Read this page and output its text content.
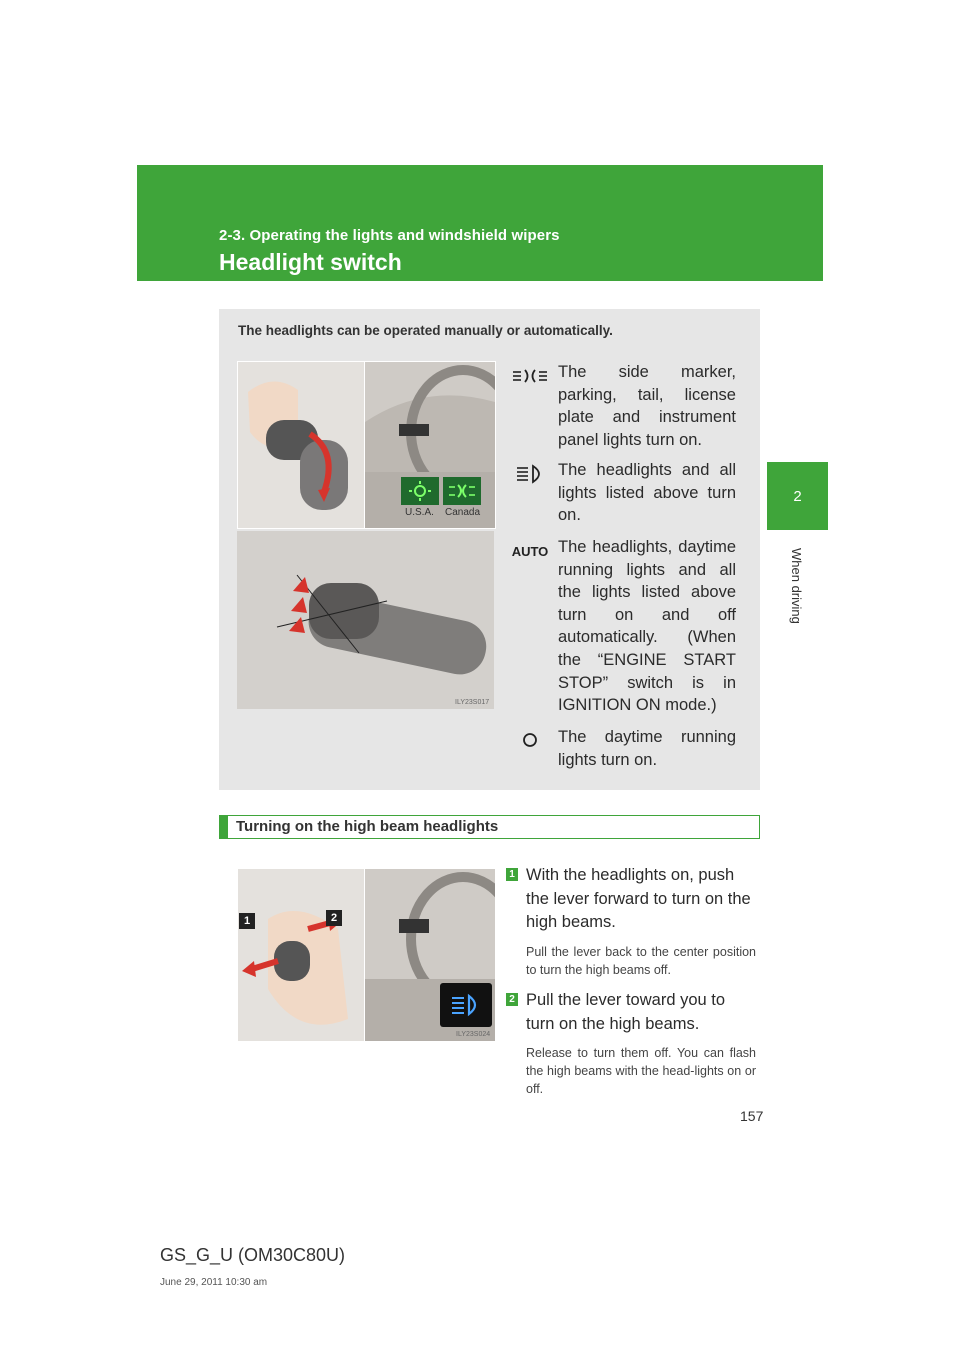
2-3. Operating the lights and windshield wipers
Headlight switch
2
When driving
The headlights can be operated manually or automatically.
U.S.A. Canada
ILY23S017
The side marker, parking, tail, license plate and instrument panel lights turn on.
The headlights and all lights listed above turn on.
AUTO The headlights, daytime running lights and all the lights listed above turn on and off automatically. (When the “ENGINE START STOP” switch is in IGNITION ON mode.)
The daytime running lights turn on.
Turning on the high beam headlights
1	2
ILY23S024
1 With the headlights on, push the lever forward to turn on the high beams.
Pull the lever back to the center position to turn the high beams off.
2 Pull the lever toward you to turn on the high beams.
Release to turn them off. You can flash the high beams with the head-lights on or off.
157
GS_G_U (OM30C80U)
June 29, 2011 10:30 am
